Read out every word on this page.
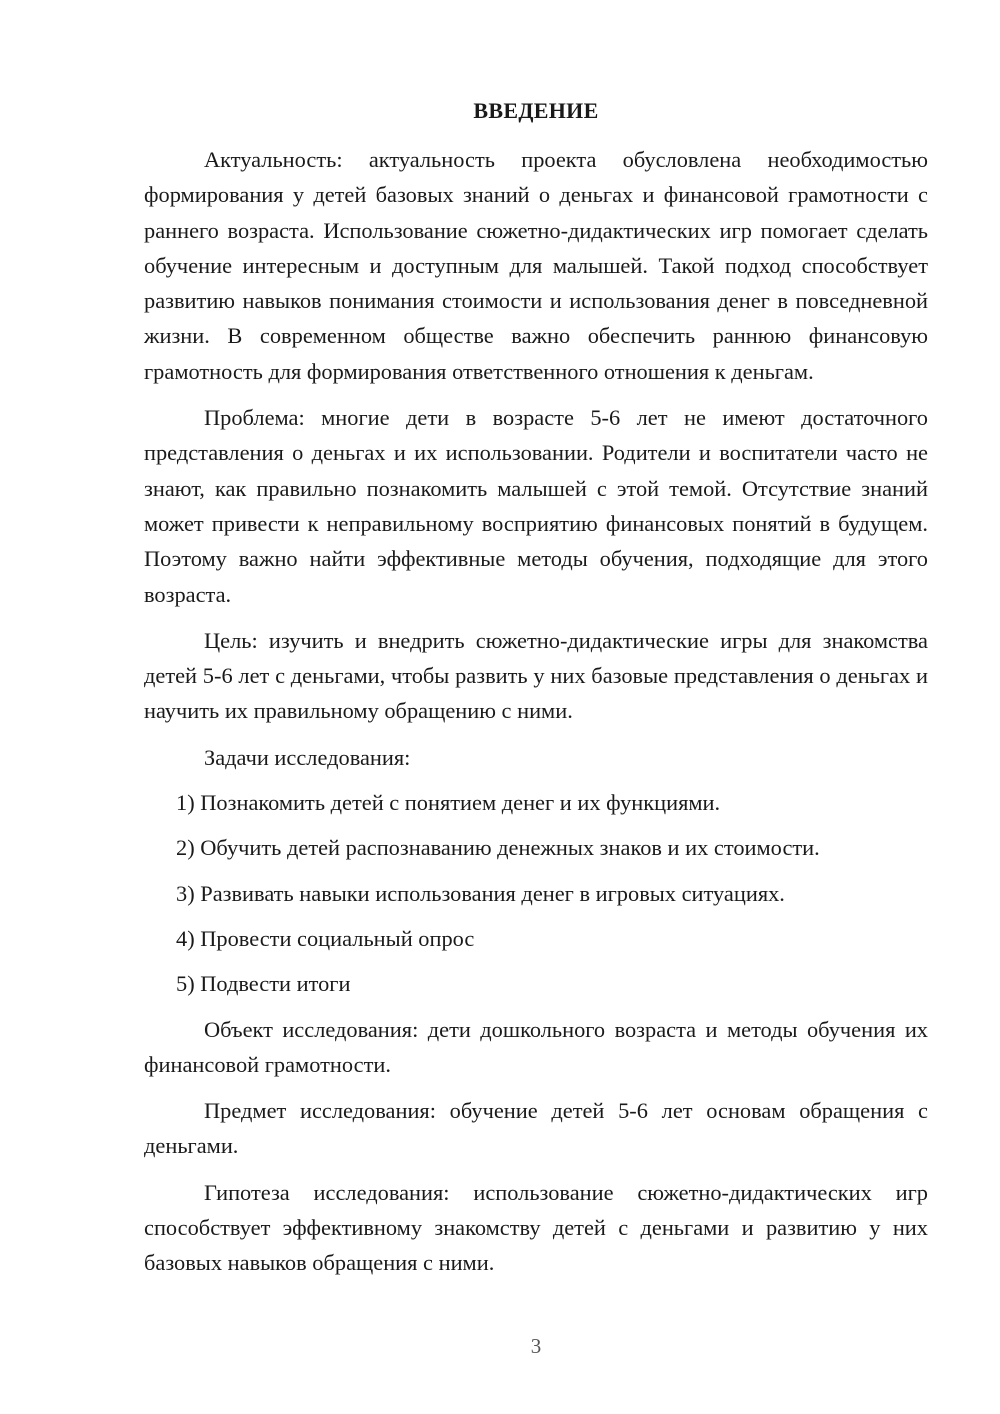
ВВЕДЕНИЕ

Актуальность: актуальность проекта обусловлена необходимостью формирования у детей базовых знаний о деньгах и финансовой грамотности с раннего возраста. Использование сюжетно-дидактических игр помогает сделать обучение интересным и доступным для малышей. Такой подход способствует развитию навыков понимания стоимости и использования денег в повседневной жизни. В современном обществе важно обеспечить раннюю финансовую грамотность для формирования ответственного отношения к деньгам.

Проблема: многие дети в возрасте 5-6 лет не имеют достаточного представления о деньгах и их использовании. Родители и воспитатели часто не знают, как правильно познакомить малышей с этой темой. Отсутствие знаний может привести к неправильному восприятию финансовых понятий в будущем. Поэтому важно найти эффективные методы обучения, подходящие для этого возраста.

Цель: изучить и внедрить сюжетно-дидактические игры для знакомства детей 5-6 лет с деньгами, чтобы развить у них базовые представления о деньгах и научить их правильному обращению с ними.

Задачи исследования:
1) Познакомить детей с понятием денег и их функциями.
2) Обучить детей распознаванию денежных знаков и их стоимости.
3) Развивать навыки использования денег в игровых ситуациях.
4) Провести социальный опрос
5) Подвести итоги

Объект исследования: дети дошкольного возраста и методы обучения их финансовой грамотности.

Предмет исследования: обучение детей 5-6 лет основам обращения с деньгами.

Гипотеза исследования: использование сюжетно-дидактических игр способствует эффективному знакомству детей с деньгами и развитию у них базовых навыков обращения с ними.

3
